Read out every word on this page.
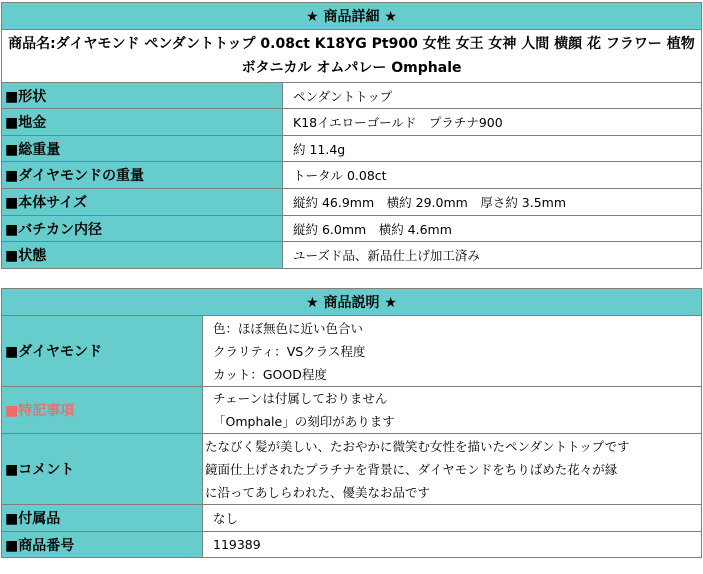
★ 商品詳細 ★	
商品名:ダイヤモンド ペンダントトップ 0.08ct K18YG Pt900 女性 女王 女神 人間 横顔 花 フラワー 植物 ボタニカル オムパレー Omphale	
■形状	ペンダントトップ
■地金	K18イエローゴールド　プラチナ900
■総重量	約 11.4g
■ダイヤモンドの重量	トータル 0.08ct
■本体サイズ	縦約 46.9mm　横約 29.0mm　厚さ約 3.5mm
■バチカン内径	縦約 6.0mm　横約 4.6mm
■状態	ユーズド品、新品仕上げ加工済み
★ 商品説明 ★	
■ダイヤモンド	色：ほぼ無色に近い色合い
クラリティ：VSクラス程度
カット：GOOD程度

■特記事項	チェーンは付属しておりません
「Omphale」の刻印があります

■コメント	たなびく髪が美しい、たおやかに微笑む女性を描いたペンダントトップです
鏡面仕上げされたプラチナを背景に、ダイヤモンドをちりばめた花々が縁
に沿ってあしらわれた、優美なお品です

■付属品	なし
■商品番号	119389
